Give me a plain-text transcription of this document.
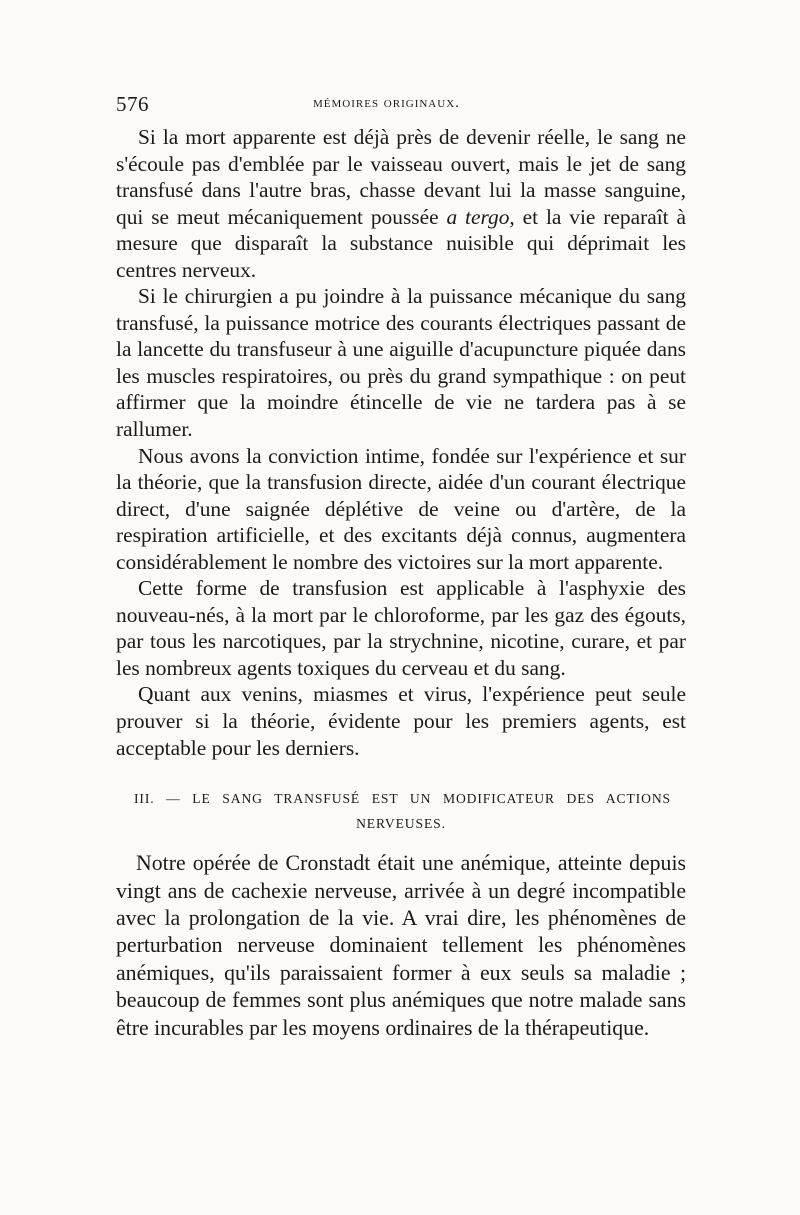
576	mémoires originaux.

Si la mort apparente est déjà près de devenir réelle, le sang ne s'écoule pas d'emblée par le vaisseau ouvert, mais le jet de sang transfusé dans l'autre bras, chasse devant lui la masse sanguine, qui se meut mécaniquement poussée a tergo, et la vie reparaît à mesure que disparaît la substance nuisible qui déprimait les centres nerveux.

Si le chirurgien a pu joindre à la puissance mécanique du sang transfusé, la puissance motrice des courants électriques passant de la lancette du transfuseur à une aiguille d'acupuncture piquée dans les muscles respiratoires, ou près du grand sympathique : on peut affirmer que la moindre étincelle de vie ne tardera pas à se rallumer.

Nous avons la conviction intime, fondée sur l'expérience et sur la théorie, que la transfusion directe, aidée d'un courant électrique direct, d'une saignée déplétive de veine ou d'artère, de la respiration artificielle, et des excitants déjà connus, augmentera considérablement le nombre des victoires sur la mort apparente.

Cette forme de transfusion est applicable à l'asphyxie des nouveau-nés, à la mort par le chloroforme, par les gaz des égouts, par tous les narcotiques, par la strychnine, nicotine, curare, et par les nombreux agents toxiques du cerveau et du sang.

Quant aux venins, miasmes et virus, l'expérience peut seule prouver si la théorie, évidente pour les premiers agents, est acceptable pour les derniers.

III. — LE SANG TRANSFUSÉ EST UN MODIFICATEUR DES ACTIONS
NERVEUSES.

Notre opérée de Cronstadt était une anémique, atteinte depuis vingt ans de cachexie nerveuse, arrivée à un degré incompatible avec la prolongation de la vie. A vrai dire, les phénomènes de perturbation nerveuse dominaient tellement les phénomènes anémiques, qu'ils paraissaient former à eux seuls sa maladie ; beaucoup de femmes sont plus anémiques que notre malade sans être incurables par les moyens ordinaires de la thérapeutique.
